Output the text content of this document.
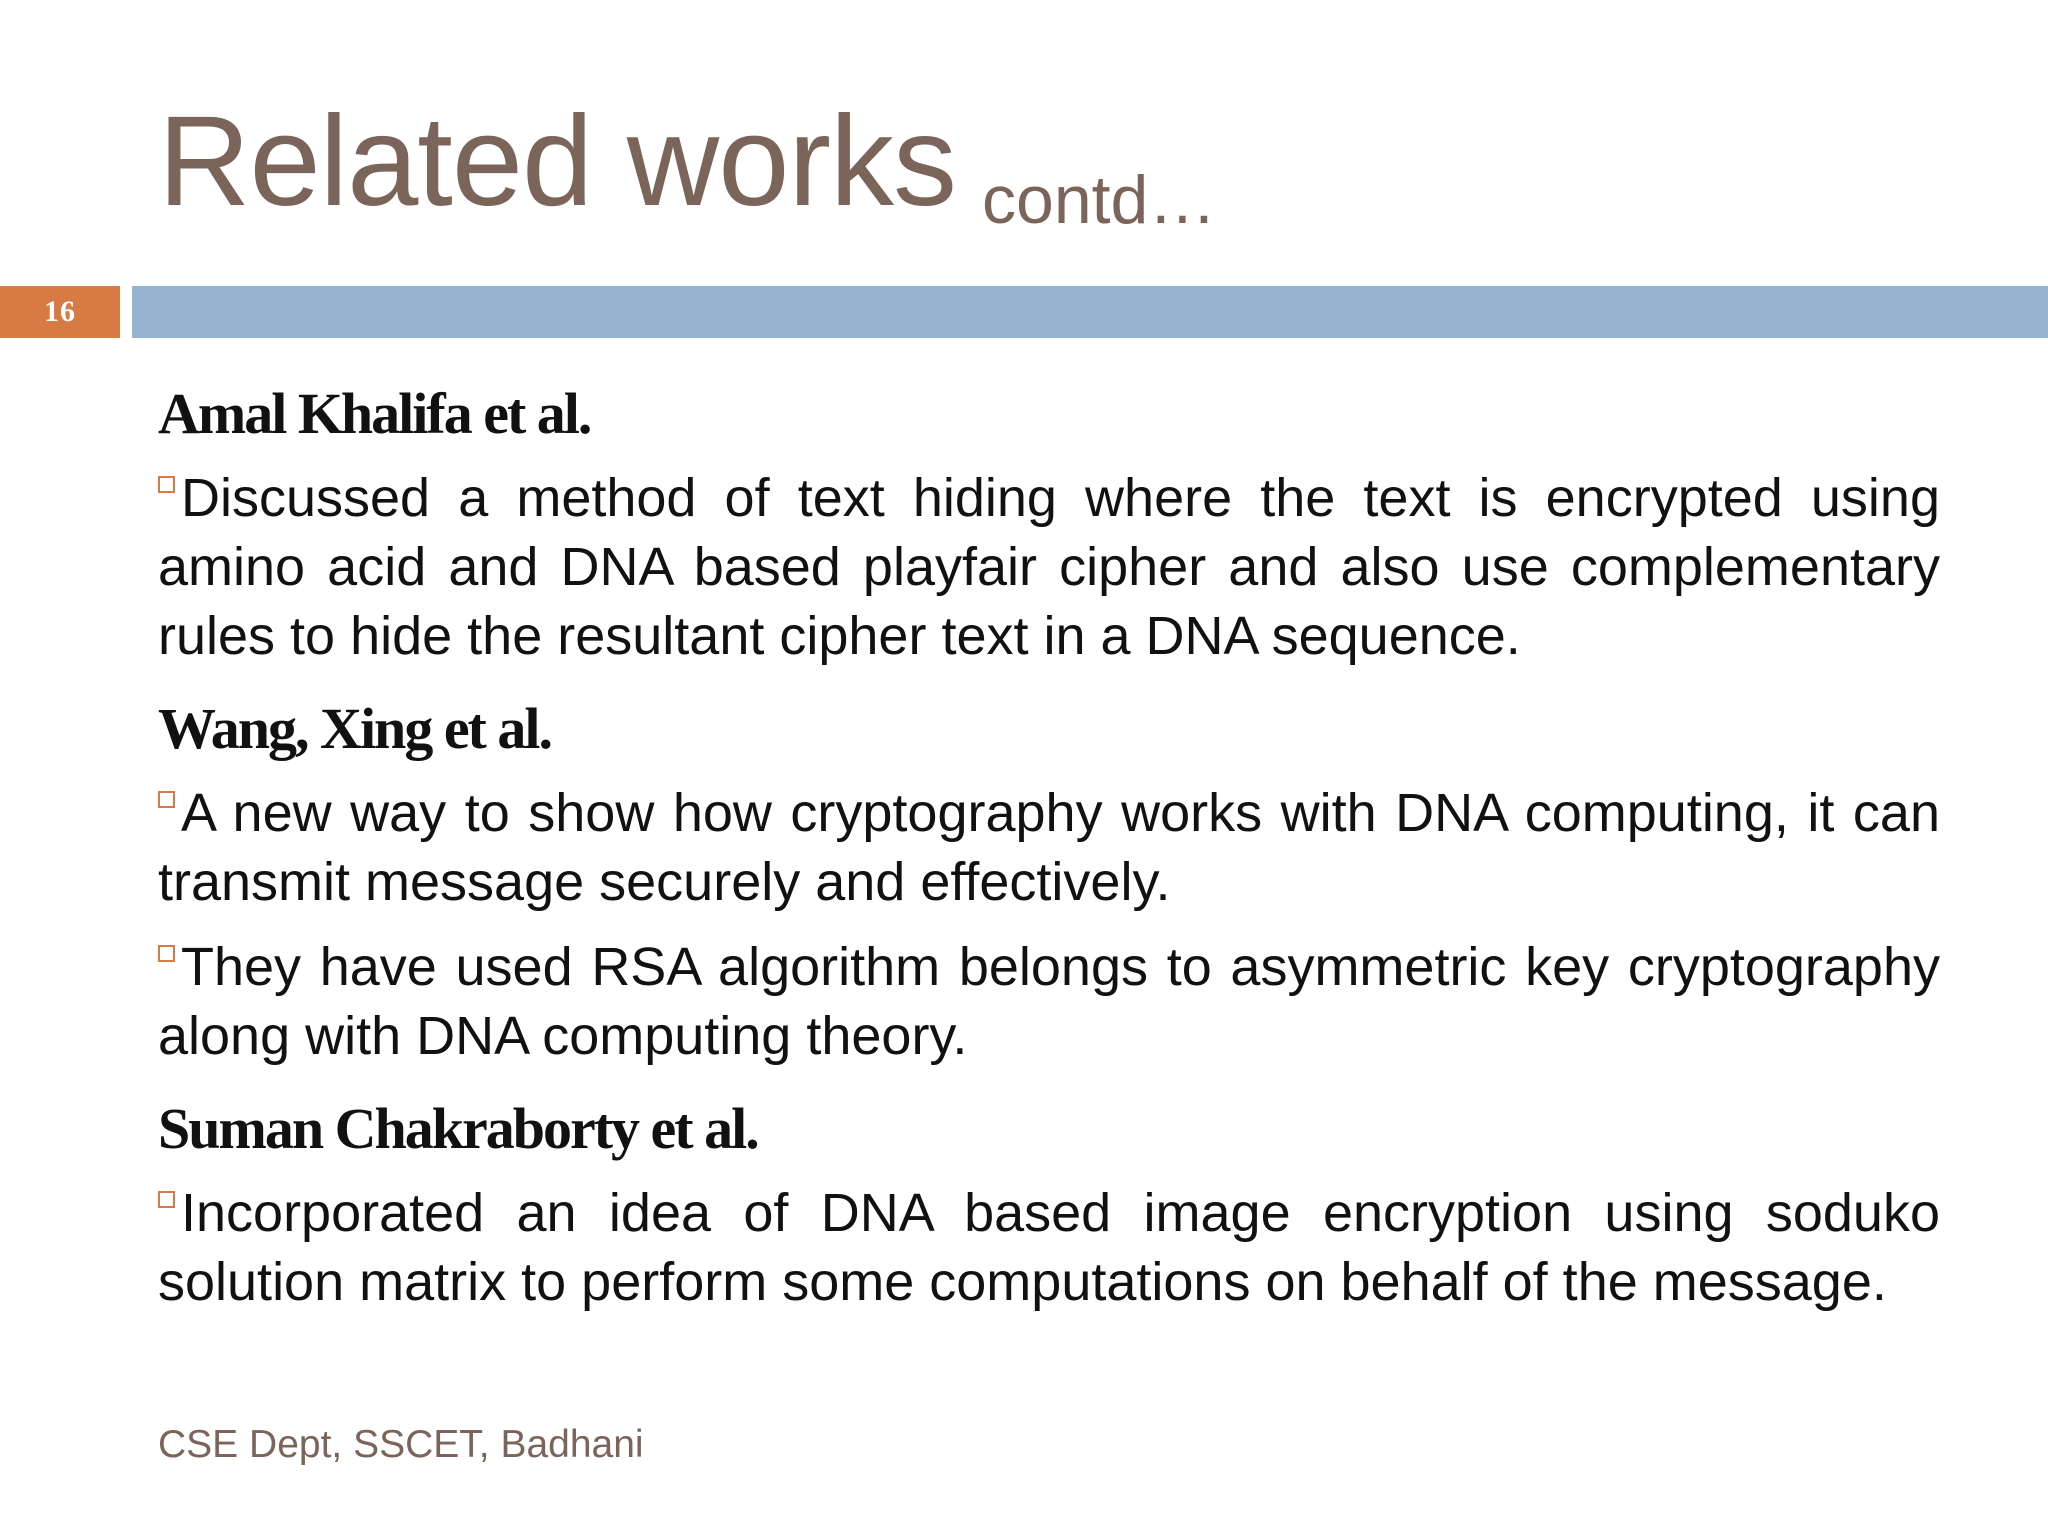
Related works contd…
16
Amal Khalifa et al.

Discussed a method of text hiding where the text is encrypted using amino acid and DNA based playfair cipher and also use complementary rules to hide the resultant cipher text in a DNA sequence.

Wang, Xing et al.

A new way to show how cryptography works with DNA computing, it can transmit message securely and effectively.

They have used RSA algorithm belongs to asymmetric key cryptography along with DNA computing theory.

Suman Chakraborty et al.

Incorporated an idea of DNA based image encryption using soduko solution matrix to perform some computations on behalf of the message.

CSE Dept, SSCET, Badhani
